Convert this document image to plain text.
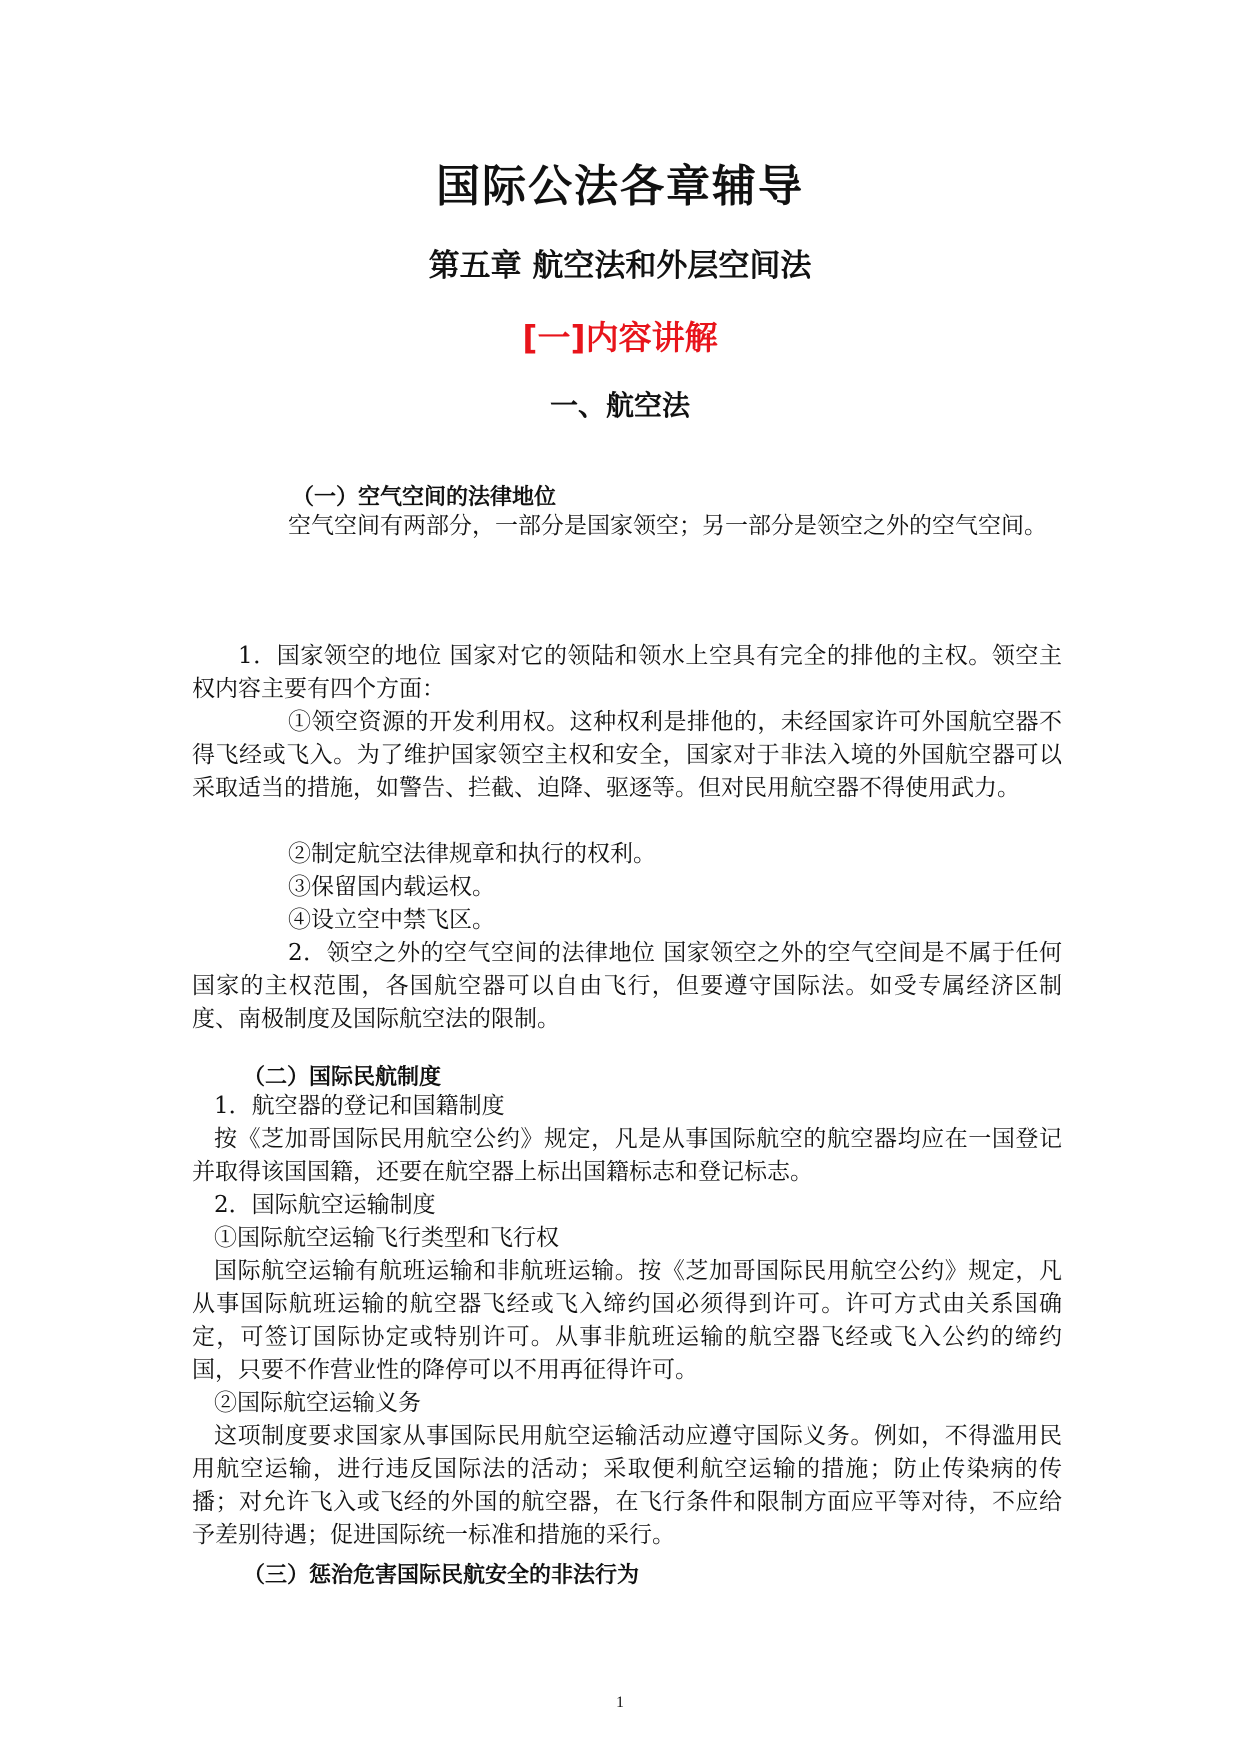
国际公法各章辅导
第五章 航空法和外层空间法
[一]内容讲解
一、航空法
（一）空气空间的法律地位

空气空间有两部分，一部分是国家领空；另一部分是领空之外的空气空间。

1．国家领空的地位 国家对它的领陆和领水上空具有完全的排他的主权。领空主权内容主要有四个方面：

①领空资源的开发利用权。这种权利是排他的，未经国家许可外国航空器不得飞经或飞入。为了维护国家领空主权和安全，国家对于非法入境的外国航空器可以采取适当的措施，如警告、拦截、迫降、驱逐等。但对民用航空器不得使用武力。

②制定航空法律规章和执行的权利。
③保留国内载运权。
④设立空中禁飞区。

2．领空之外的空气空间的法律地位 国家领空之外的空气空间是不属于任何国家的主权范围，各国航空器可以自由飞行，但要遵守国际法。如受专属经济区制度、南极制度及国际航空法的限制。

（二）国际民航制度
1．航空器的登记和国籍制度

按《芝加哥国际民用航空公约》规定，凡是从事国际航空的航空器均应在一国登记并取得该国国籍，还要在航空器上标出国籍标志和登记标志。

2．国际航空运输制度
①国际航空运输飞行类型和飞行权

国际航空运输有航班运输和非航班运输。按《芝加哥国际民用航空公约》规定，凡从事国际航班运输的航空器飞经或飞入缔约国必须得到许可。许可方式由关系国确定，可签订国际协定或特别许可。从事非航班运输的航空器飞经或飞入公约的缔约国，只要不作营业性的降停可以不用再征得许可。

②国际航空运输义务

这项制度要求国家从事国际民用航空运输活动应遵守国际义务。例如，不得滥用民用航空运输，进行违反国际法的活动；采取便利航空运输的措施；防止传染病的传播；对允许飞入或飞经的外国的航空器，在飞行条件和限制方面应平等对待，不应给予差别待遇；促进国际统一标准和措施的采行。

（三）惩治危害国际民航安全的非法行为
1
